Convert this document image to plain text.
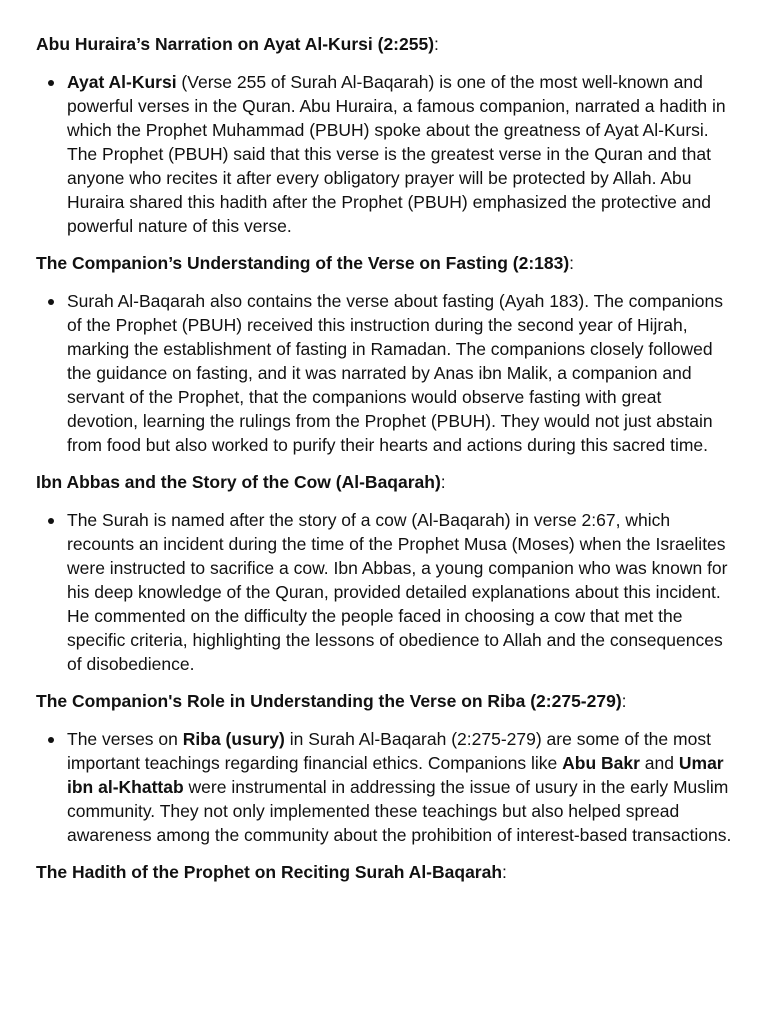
Abu Huraira’s Narration on Ayat Al-Kursi (2:255):

Ayat Al-Kursi (Verse 255 of Surah Al-Baqarah) is one of the most well-known and powerful verses in the Quran. Abu Huraira, a famous companion, narrated a hadith in which the Prophet Muhammad (PBUH) spoke about the greatness of Ayat Al-Kursi. The Prophet (PBUH) said that this verse is the greatest verse in the Quran and that anyone who recites it after every obligatory prayer will be protected by Allah. Abu Huraira shared this hadith after the Prophet (PBUH) emphasized the protective and powerful nature of this verse.

The Companion’s Understanding of the Verse on Fasting (2:183):

Surah Al-Baqarah also contains the verse about fasting (Ayah 183). The companions of the Prophet (PBUH) received this instruction during the second year of Hijrah, marking the establishment of fasting in Ramadan. The companions closely followed the guidance on fasting, and it was narrated by Anas ibn Malik, a companion and servant of the Prophet, that the companions would observe fasting with great devotion, learning the rulings from the Prophet (PBUH). They would not just abstain from food but also worked to purify their hearts and actions during this sacred time.

Ibn Abbas and the Story of the Cow (Al-Baqarah):

The Surah is named after the story of a cow (Al-Baqarah) in verse 2:67, which recounts an incident during the time of the Prophet Musa (Moses) when the Israelites were instructed to sacrifice a cow. Ibn Abbas, a young companion who was known for his deep knowledge of the Quran, provided detailed explanations about this incident. He commented on the difficulty the people faced in choosing a cow that met the specific criteria, highlighting the lessons of obedience to Allah and the consequences of disobedience.

The Companion's Role in Understanding the Verse on Riba (2:275-279):

The verses on Riba (usury) in Surah Al-Baqarah (2:275-279) are some of the most important teachings regarding financial ethics. Companions like Abu Bakr and Umar ibn al-Khattab were instrumental in addressing the issue of usury in the early Muslim community. They not only implemented these teachings but also helped spread awareness among the community about the prohibition of interest-based transactions.

The Hadith of the Prophet on Reciting Surah Al-Baqarah:
